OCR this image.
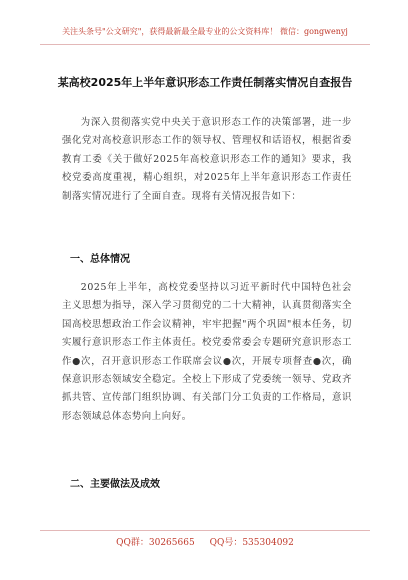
关注头条号"公文研究"，获得最新最全最专业的公文资料库！ 微信：gongwenyj
某高校2025年上半年意识形态工作责任制落实情况自查报告
为深入贯彻落实党中央关于意识形态工作的决策部署，进一步强化党对高校意识形态工作的领导权、管理权和话语权，根据省委教育工委《关于做好2025年高校意识形态工作的通知》要求，我校党委高度重视，精心组织，对2025年上半年意识形态工作责任制落实情况进行了全面自查。现将有关情况报告如下：
一、总体情况
2025年上半年，高校党委坚持以习近平新时代中国特色社会主义思想为指导，深入学习贯彻党的二十大精神，认真贯彻落实全国高校思想政治工作会议精神，牢牢把握"两个巩固"根本任务，切实履行意识形态工作主体责任。校党委常委会专题研究意识形态工作●次，召开意识形态工作联席会议●次，开展专项督查●次，确保意识形态领域安全稳定。全校上下形成了党委统一领导、党政齐抓共管、宣传部门组织协调、有关部门分工负责的工作格局，意识形态领域总体态势向上向好。
二、主要做法及成效
QQ群：30265665 QQ号：535304092
